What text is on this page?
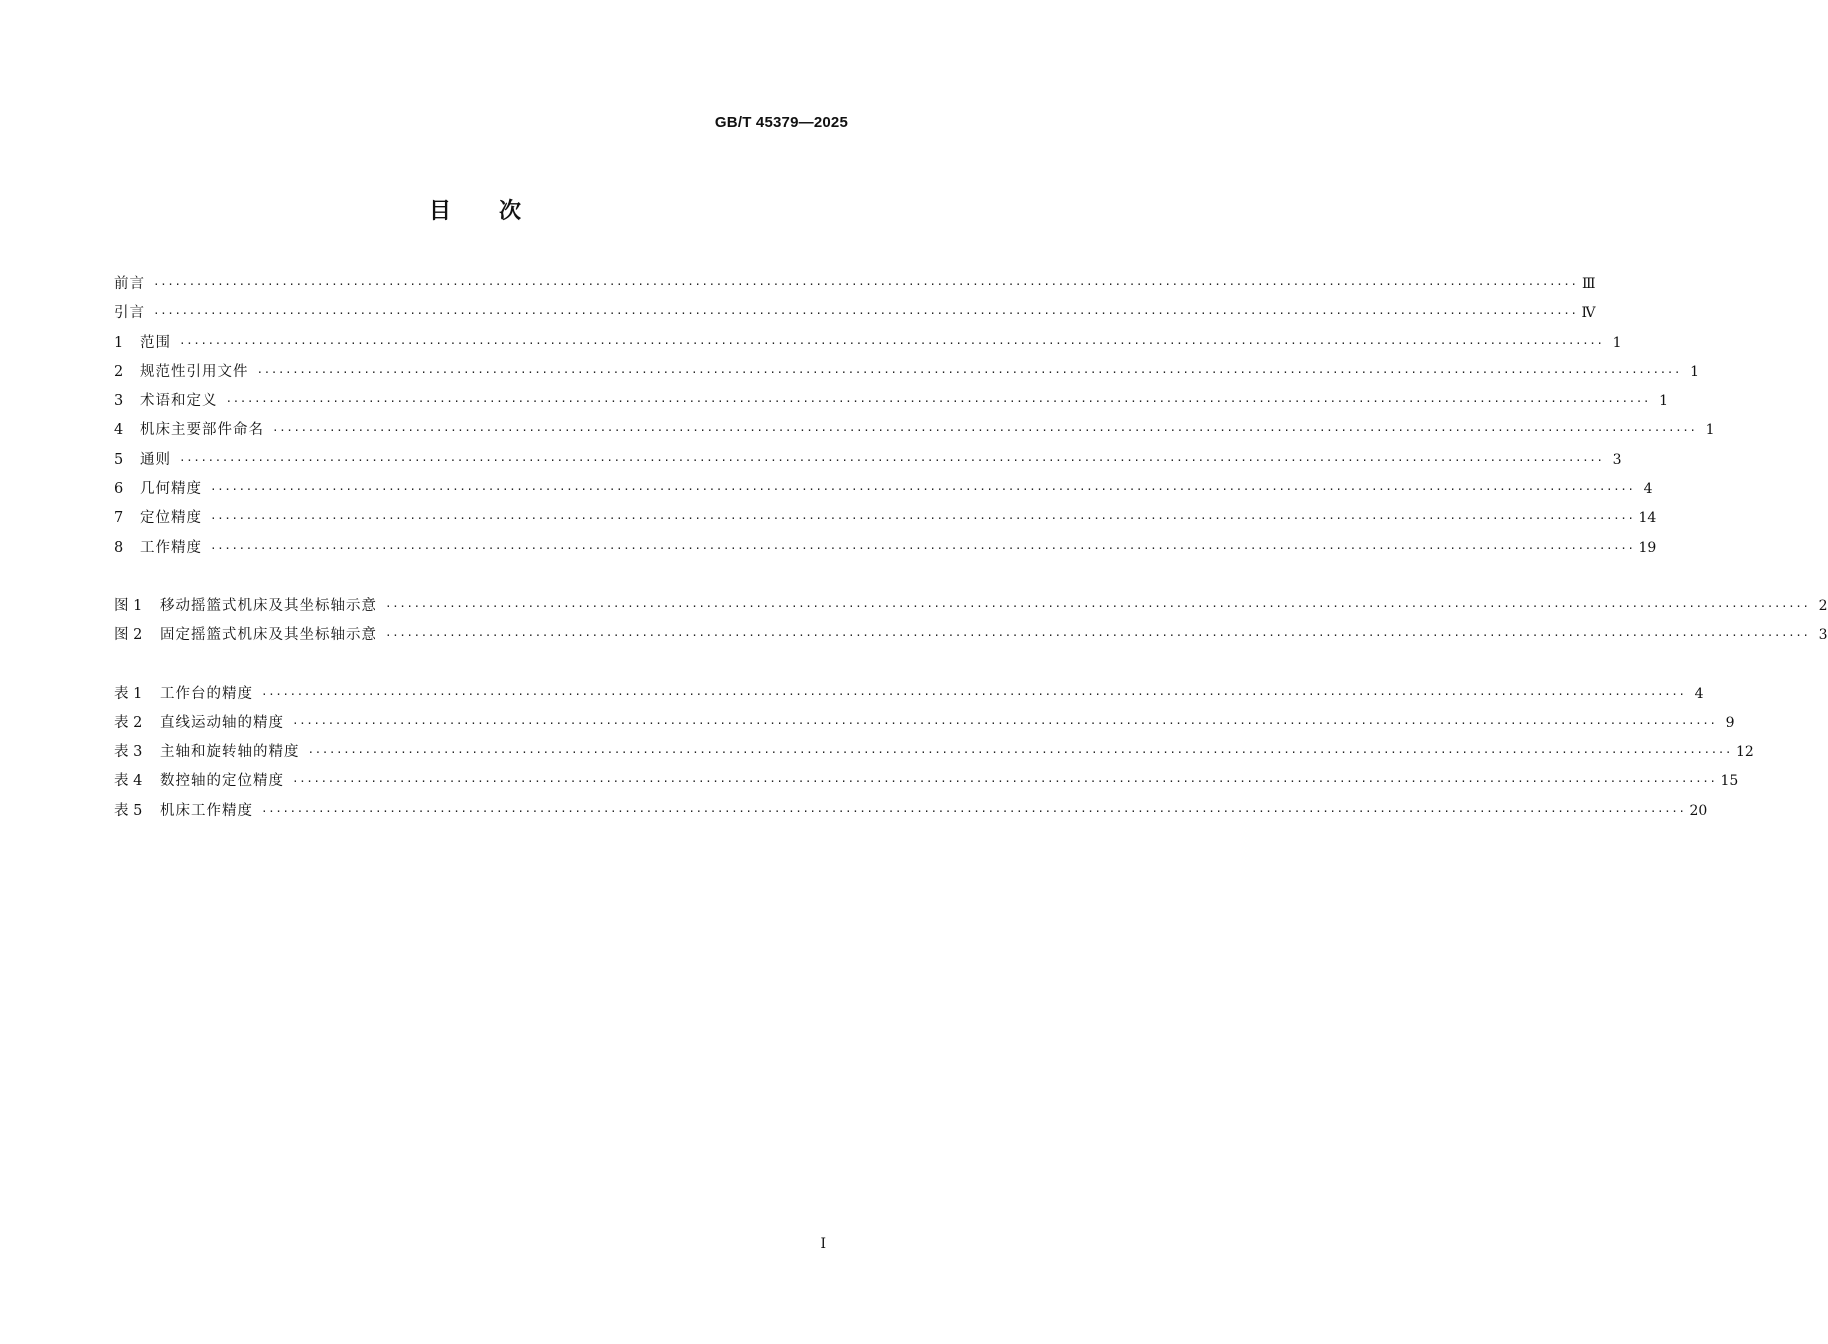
GB/T 45379—2025
目次
前言 ········································································································································································································ Ⅲ
引言 ········································································································································································································ Ⅳ
1	范围 ········································································································································································································ 1
2	规范性引用文件 ········································································································································································································ 1
3	术语和定义 ········································································································································································································ 1
4	机床主要部件命名 ········································································································································································································ 1
5	通则 ········································································································································································································ 3
6	几何精度 ········································································································································································································ 4
7	定位精度 ········································································································································································································ 14
8	工作精度 ········································································································································································································ 19
图 1	移动摇篮式机床及其坐标轴示意 ········································································································································································································ 2
图 2	固定摇篮式机床及其坐标轴示意 ········································································································································································································ 3
表 1	工作台的精度 ········································································································································································································ 4
表 2	直线运动轴的精度 ········································································································································································································ 9
表 3	主轴和旋转轴的精度 ········································································································································································································ 12
表 4	数控轴的定位精度 ········································································································································································································ 15
表 5	机床工作精度 ········································································································································································································ 20
I
